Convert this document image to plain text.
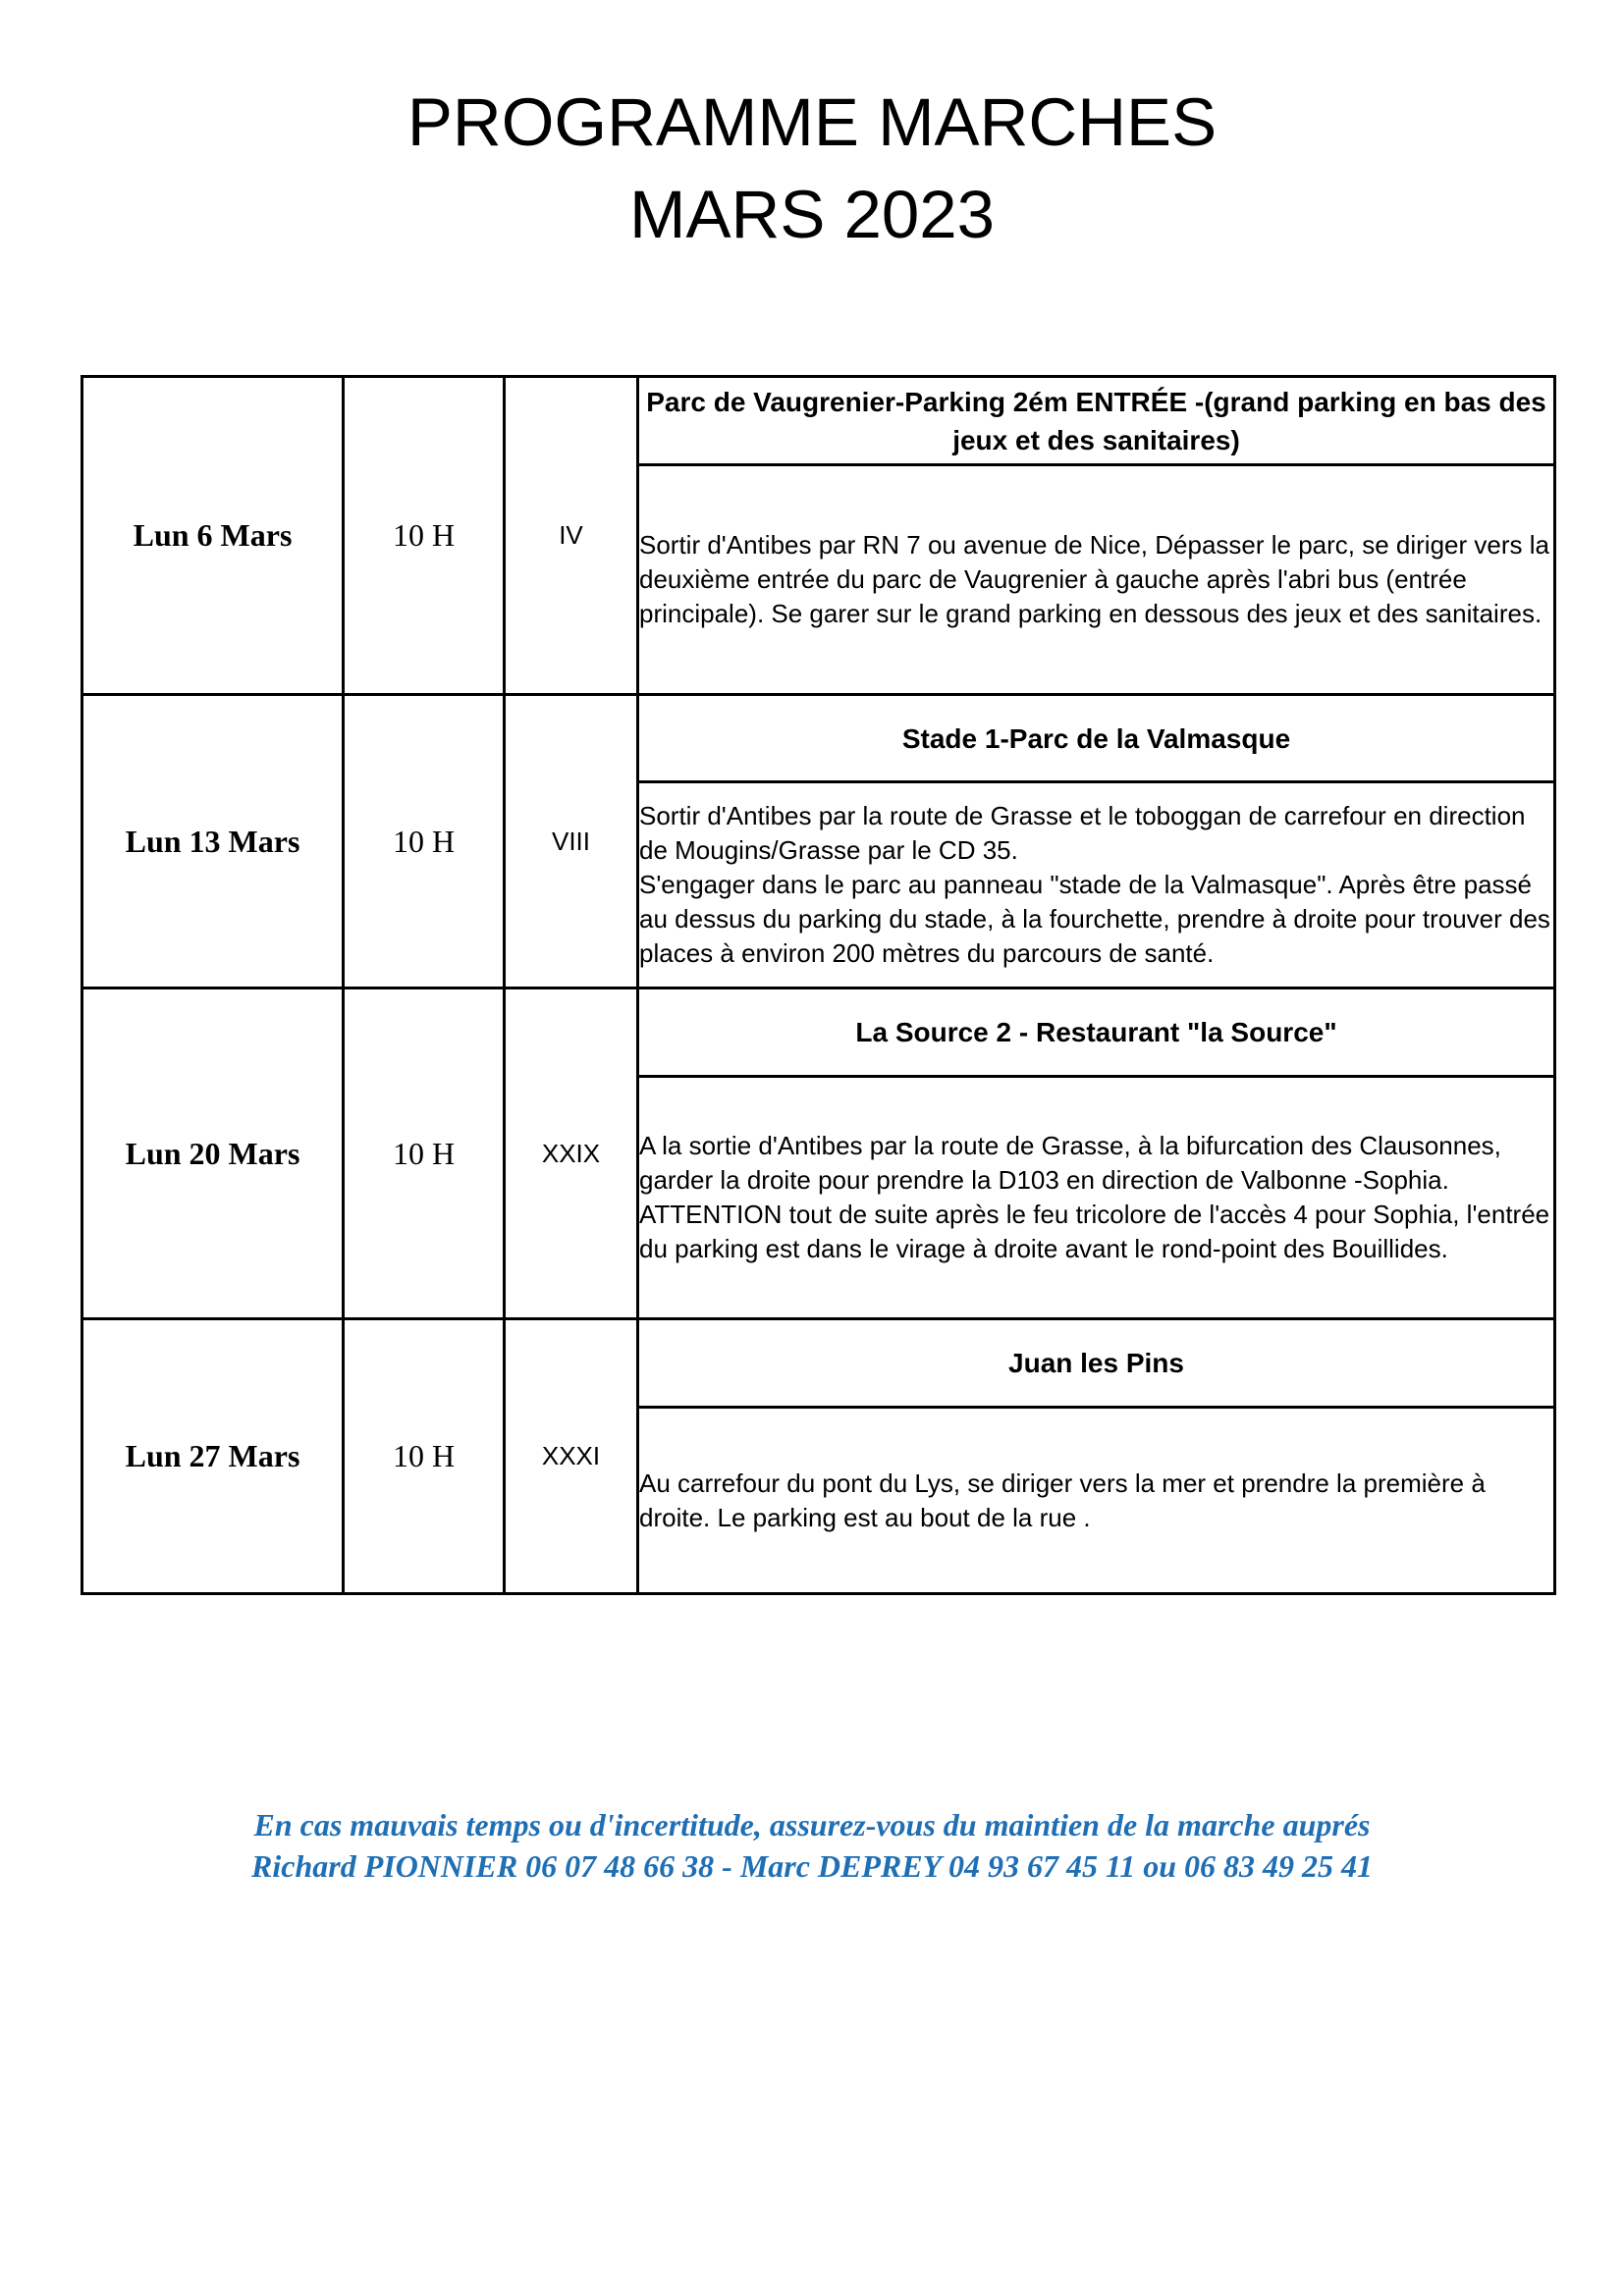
PROGRAMME MARCHES
MARS 2023
Lun 6 Mars	10 H	IV	Parc de Vaugrenier-Parking 2ém ENTRÉE -(grand parking en bas des jeux et des sanitaires)
			Sortir d'Antibes par RN 7 ou avenue de Nice, Dépasser le parc, se diriger vers la deuxième entrée du parc de Vaugrenier à gauche après l'abri bus (entrée principale). Se garer sur le grand parking en dessous des jeux et des sanitaires.
Lun 13 Mars	10 H	VIII	Stade 1-Parc de la Valmasque
			Sortir d'Antibes par la route de Grasse et le toboggan de carrefour en direction de Mougins/Grasse par le CD 35.
S'engager dans le parc au panneau "stade de la Valmasque". Après être passé au dessus du parking du stade, à la fourchette, prendre à droite pour trouver des places à environ 200 mètres du parcours de santé.
Lun 20 Mars	10 H	XXIX	La Source 2 - Restaurant "la Source"
			A la sortie d'Antibes par la route de Grasse, à la bifurcation des Clausonnes, garder la droite pour prendre la D103 en direction de Valbonne -Sophia. ATTENTION tout de suite après le feu tricolore de l'accès 4 pour Sophia, l'entrée du parking est dans le virage à droite avant le rond-point des Bouillides.
Lun 27 Mars	10 H	XXXI	Juan les Pins
			Au carrefour du pont du Lys, se diriger vers la mer et prendre la première à droite. Le parking est au bout de la rue .
En cas mauvais temps ou d'incertitude, assurez-vous du maintien de la marche auprés
Richard PIONNIER 06 07 48 66 38 - Marc DEPREY 04 93 67 45 11 ou 06 83 49 25 41
